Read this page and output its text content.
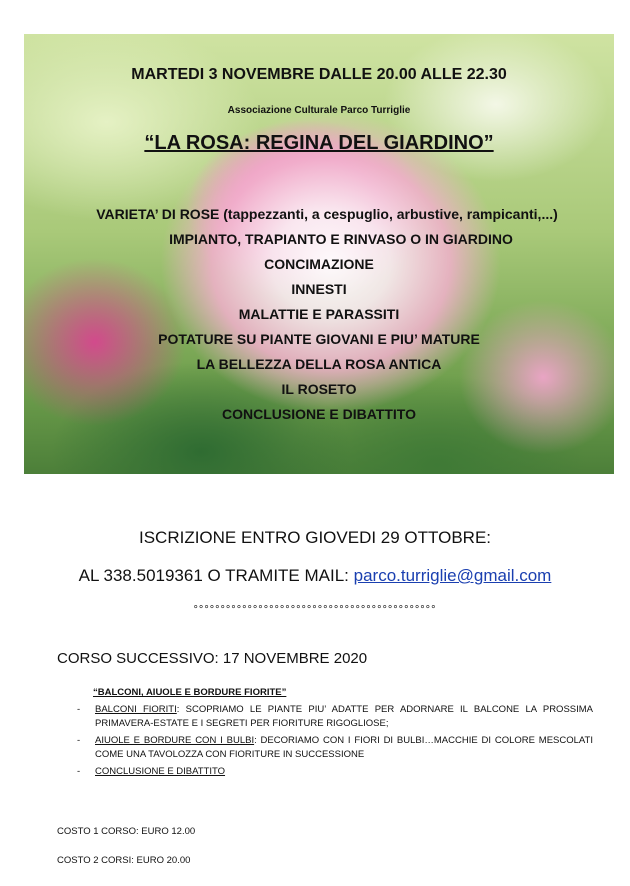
MARTEDI 3 NOVEMBRE DALLE 20.00 ALLE 22.30
Associazione Culturale Parco Turriglie
“LA ROSA: REGINA DEL GIARDINO”
VARIETA’ DI ROSE (tappezzanti, a cespuglio, arbustive, rampicanti,...)
IMPIANTO, TRAPIANTO E RINVASO O IN GIARDINO
CONCIMAZIONE
INNESTI
MALATTIE E PARASSITI
POTATURE SU PIANTE GIOVANI E PIU’ MATURE
LA BELLEZZA DELLA ROSA ANTICA
IL ROSETO
CONCLUSIONE E DIBATTITO
ISCRIZIONE ENTRO GIOVEDI 29 OTTOBRE:
AL 338.5019361 O TRAMITE MAIL: parco.turriglie@gmail.com
°°°°°°°°°°°°°°°°°°°°°°°°°°°°°°°°°°°°°°°°°°°°°
CORSO SUCCESSIVO: 17 NOVEMBRE 2020
“BALCONI, AIUOLE E BORDURE FIORITE”
- BALCONI FIORITI: SCOPRIAMO LE PIANTE PIU’ ADATTE PER ADORNARE IL BALCONE LA PROSSIMA PRIMAVERA-ESTATE E I SEGRETI PER FIORITURE RIGOGLIOSE;
- AIUOLE E BORDURE CON I BULBI: DECORIAMO CON I FIORI DI BULBI…MACCHIE DI COLORE MESCOLATI COME UNA TAVOLOZZA CON FIORITURE IN SUCCESSIONE
- CONCLUSIONE E DIBATTITO
COSTO 1 CORSO: EURO 12.00
COSTO 2 CORSI: EURO 20.00
